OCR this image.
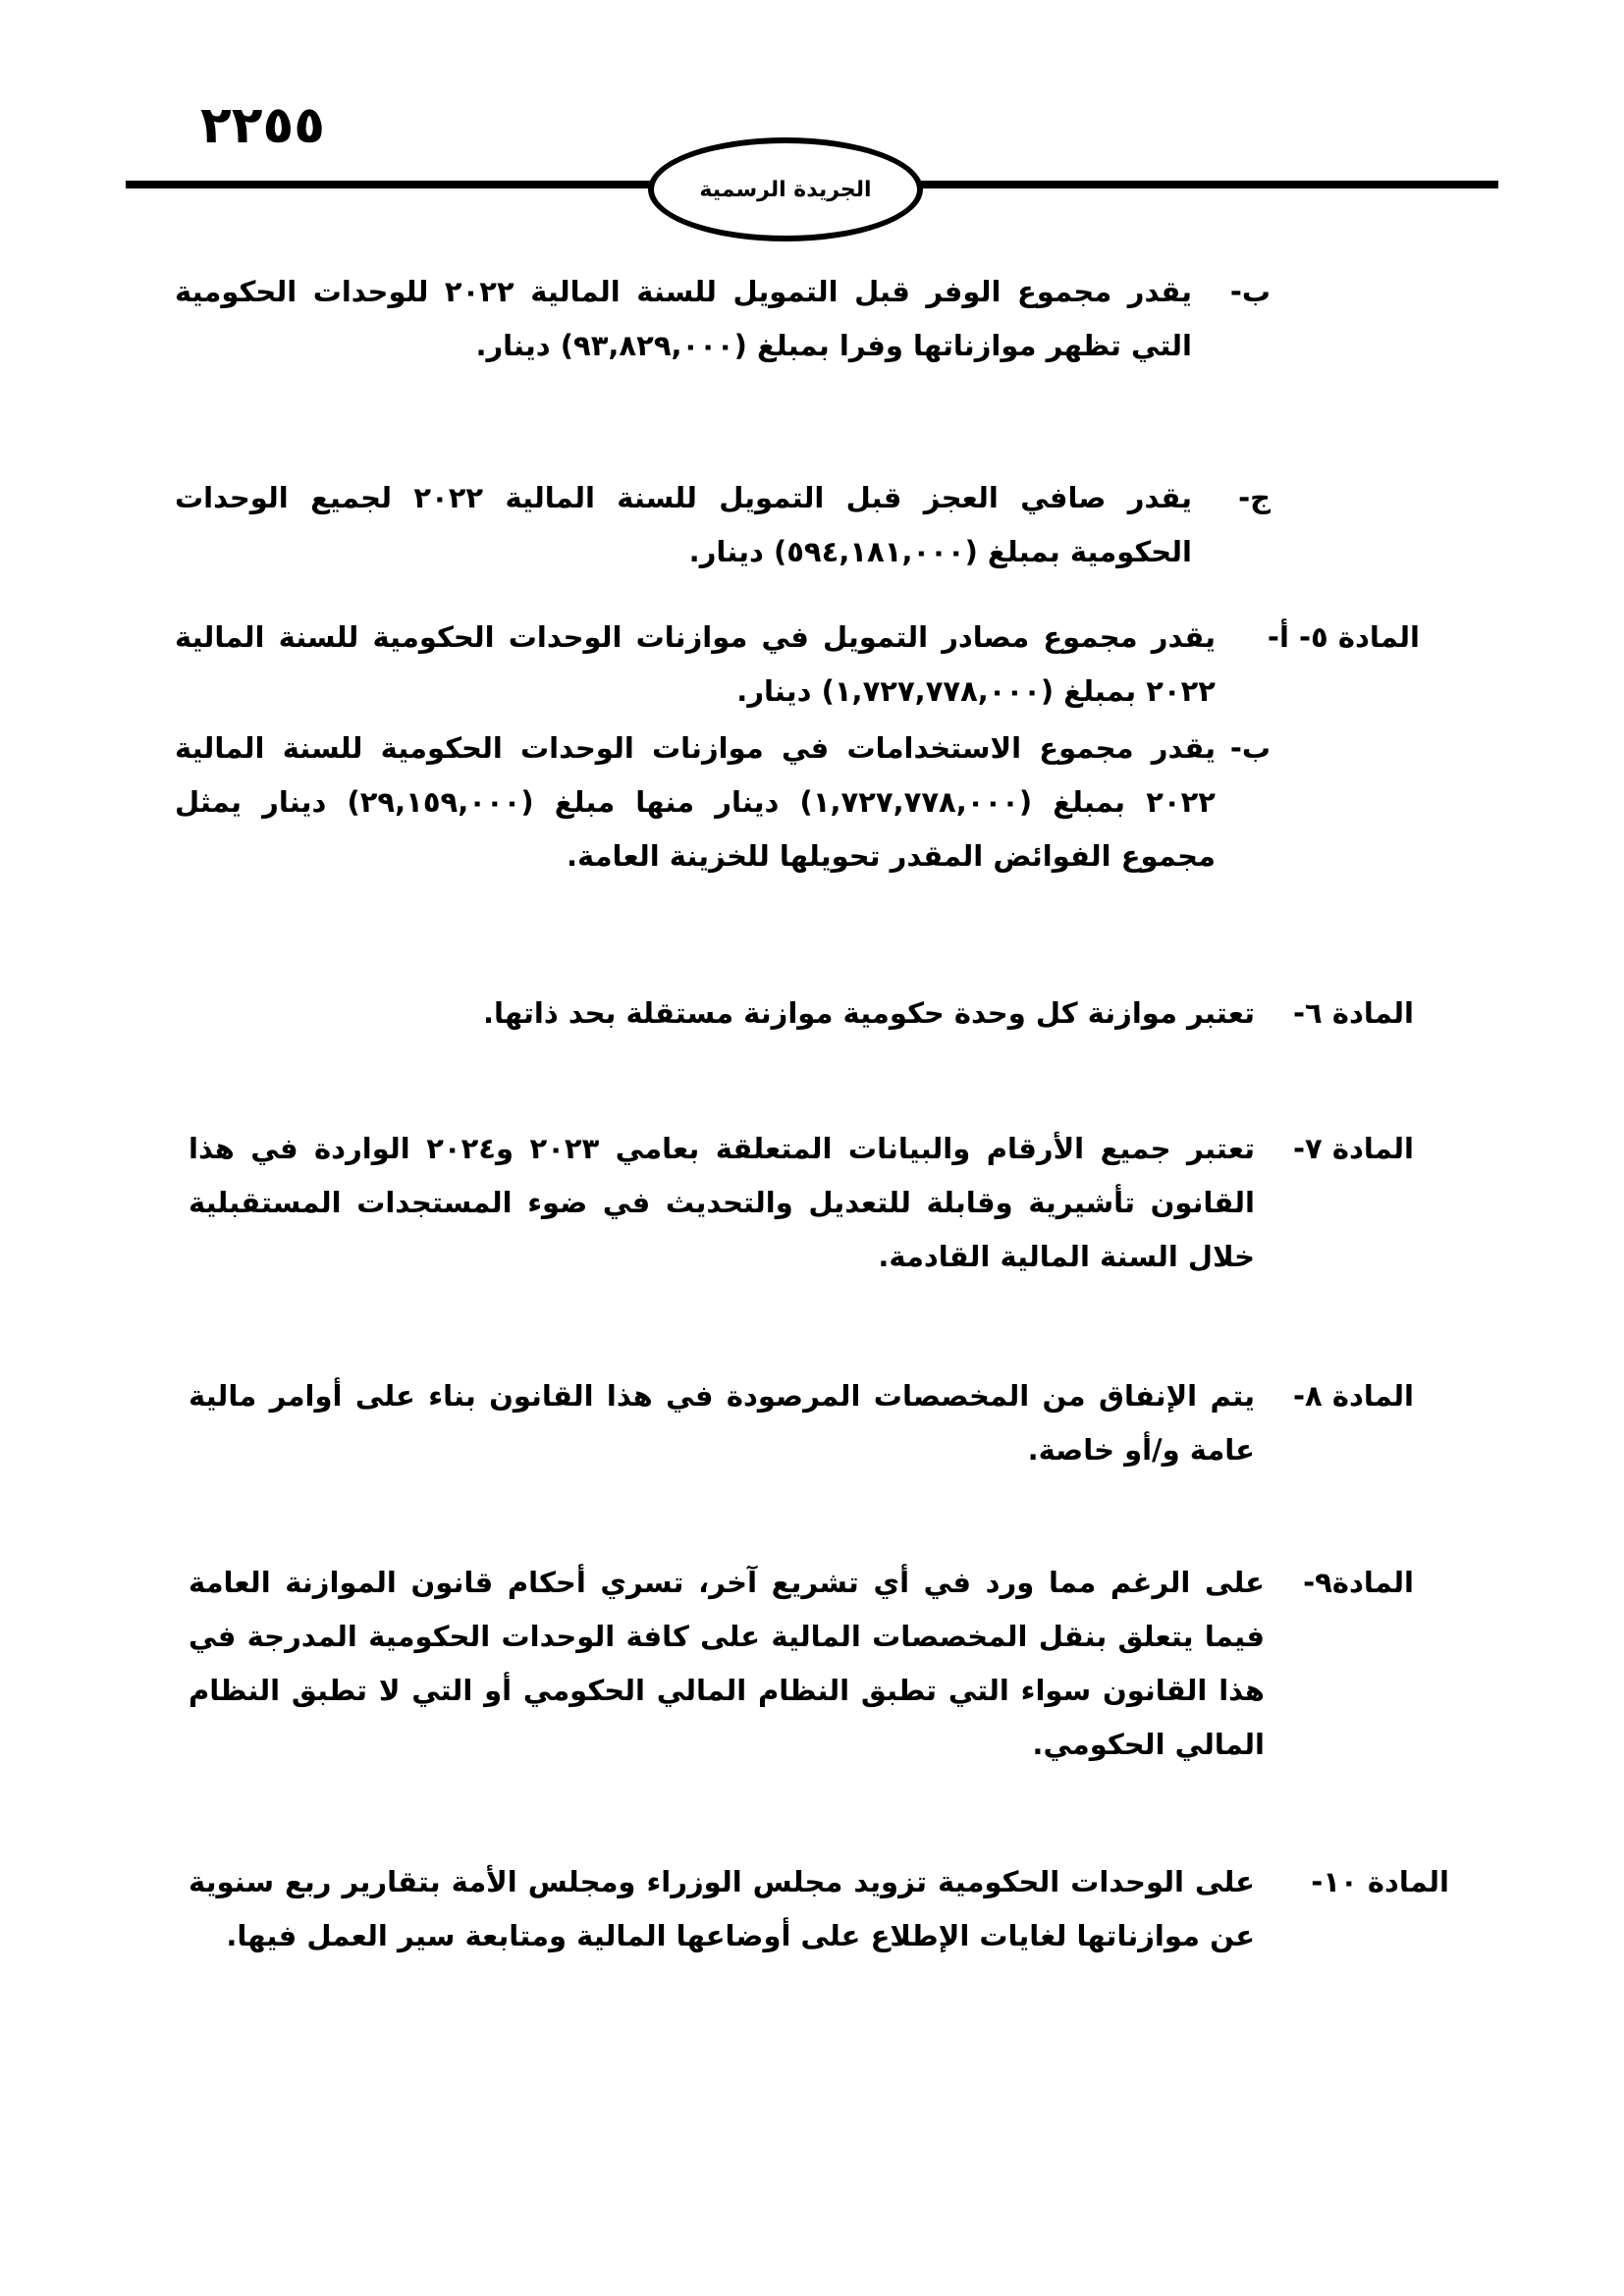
٢٢٥٥
الجريدة الرسمية
ب-
يقدر مجموع الوفر قبل التمويل للسنة المالية ٢٠٢٢ للوحدات الحكومية التي تظهر موازناتها وفرا بمبلغ (٩٣,٨٢٩,٠٠٠) دينار.
ج-
يقدر صافي العجز قبل التمويل للسنة المالية ٢٠٢٢ لجميع الوحدات الحكومية بمبلغ (٥٩٤,١٨١,٠٠٠) دينار.
المادة ٥- أ-
يقدر مجموع مصادر التمويل في موازنات الوحدات الحكومية للسنة المالية ٢٠٢٢ بمبلغ (١,٧٢٧,٧٧٨,٠٠٠) دينار.
ب-
يقدر مجموع الاستخدامات في موازنات الوحدات الحكومية للسنة المالية ٢٠٢٢ بمبلغ (١,٧٢٧,٧٧٨,٠٠٠) دينار منها مبلغ (٢٩,١٥٩,٠٠٠) دينار يمثل مجموع الفوائض المقدر تحويلها للخزينة العامة.
المادة ٦-
تعتبر موازنة كل وحدة حكومية موازنة مستقلة بحد ذاتها.
المادة ٧-
تعتبر جميع الأرقام والبيانات المتعلقة بعامي ٢٠٢٣ و٢٠٢٤ الواردة في هذا القانون تأشيرية وقابلة للتعديل والتحديث في ضوء المستجدات المستقبلية خلال السنة المالية القادمة.
المادة ٨-
يتم الإنفاق من المخصصات المرصودة في هذا القانون بناء على أوامر مالية عامة و/أو خاصة.
المادة٩-
على الرغم مما ورد في أي تشريع آخر، تسري أحكام قانون الموازنة العامة فيما يتعلق بنقل المخصصات المالية على كافة الوحدات الحكومية المدرجة في هذا القانون سواء التي تطبق النظام المالي الحكومي أو التي لا تطبق النظام المالي الحكومي.
المادة ١٠-
على الوحدات الحكومية تزويد مجلس الوزراء ومجلس الأمة بتقارير ربع سنوية عن موازناتها لغايات الإطلاع على أوضاعها المالية ومتابعة سير العمل فيها.
